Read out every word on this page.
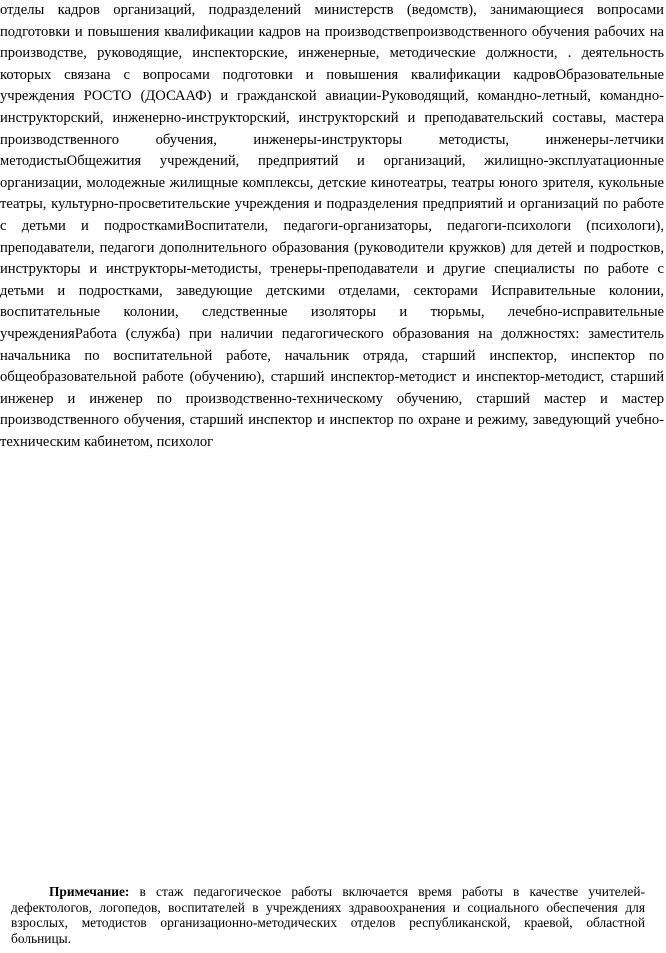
отделы кадров организаций, подразделений министерств (ведомств), занимающиеся вопросами подготовки и повышения квалификации кадров на производствепроизводственного обучения рабочих на производстве, руководящие, инспекторские, инженерные, методические должности, . деятельность которых связана с вопросами подготовки и повышения квалификации кадровОбразовательные учреждения РОСТО (ДОСААФ) и гражданской авиации-Руководящий, командно-летный, командно-инструкторский, инженерно-инструкторский, инструкторский и преподавательский составы, мастера производственного обучения, инженеры-инструкторы методисты, инженеры-летчики методистыОбщежития учреждений, предприятий и организаций, жилищно-эксплуатационные организации, молодежные жилищные комплексы, детские кинотеатры, театры юного зрителя, кукольные театры, культурно-просветительские учреждения и подразделения предприятий и организаций по работе с детьми и подросткамиВоспитатели, педагоги-организаторы, педагоги-психологи (психологи), преподаватели, педагоги дополнительного образования (руководители кружков) для детей и подростков, инструкторы и инструкторы-методисты, тренеры-преподаватели и другие специалисты по работе с детьми и подростками, заведующие детскими отделами, секторами Исправительные колонии, воспитательные колонии, следственные изоляторы и тюрьмы, лечебно-исправительные учрежденияРабота (служба) при наличии педагогического образования на должностях: заместитель начальника по воспитательной работе, начальник отряда, старший инспектор, инспектор по общеобразовательной работе (обучению), старший инспектор-методист и инспектор-методист, старший инженер и инженер по производственно-техническому обучению, старший мастер и мастер производственного обучения, старший инспектор и инспектор по охране и режиму, заведующий учебно-техническим кабинетом, психолог
Примечание: в стаж педагогическое работы включается время работы в качестве учителей-дефектологов, логопедов, воспитателей в учреждениях здравоохранения и социального обеспечения для взрослых, методистов организационно-методических отделов республиканской, краевой, областной больницы.
